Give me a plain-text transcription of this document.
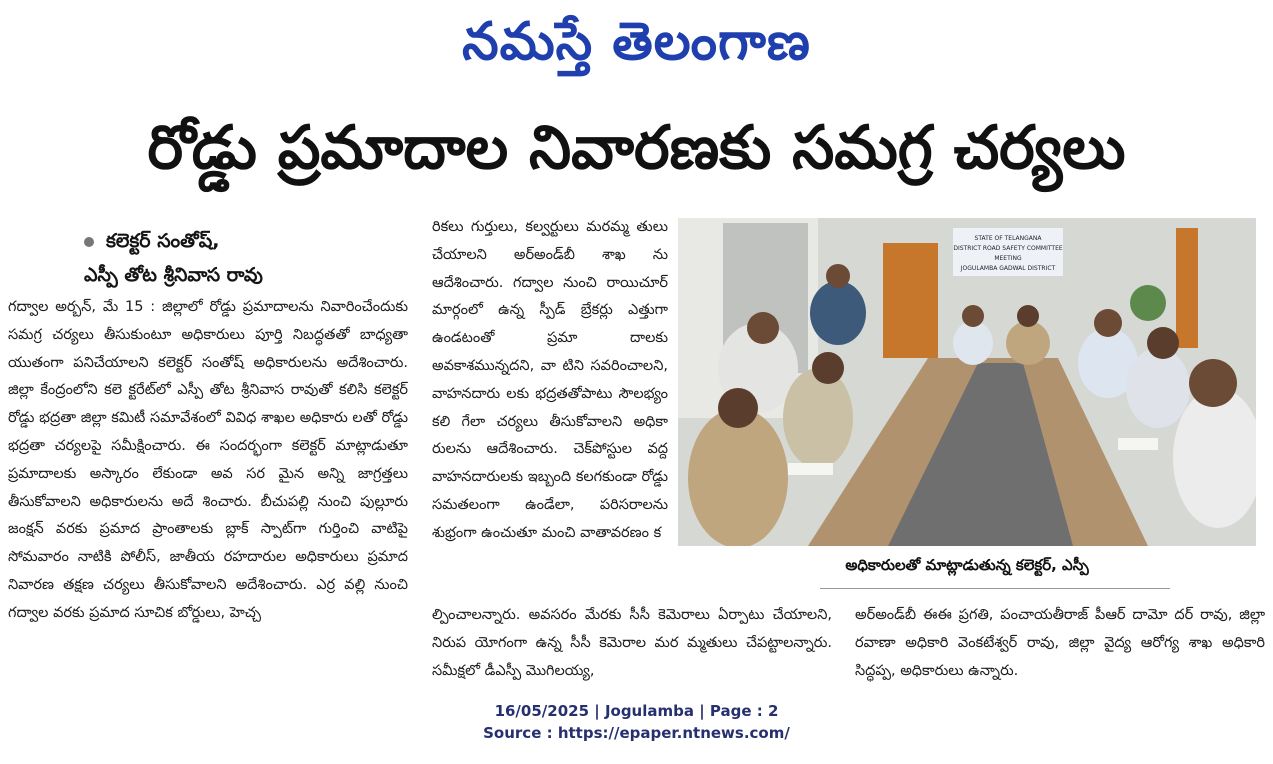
నమస్తే తెలంగాణ
రోడ్డు ప్రమాదాల నివారణకు సమగ్ర చర్యలు
కలెక్టర్ సంతోష్,
ఎస్పీ తోట శ్రీనివాస రావు

గద్వాల అర్బన్, మే 15 : జిల్లాలో రోడ్డు ప్రమాదాలను నివారించేందుకు సమగ్ర చర్యలు తీసుకుంటూ అధికారులు పూర్తి నిబద్ధతతో బాధ్యతా యుతంగా పనిచేయాలని కలెక్టర్ సంతోష్ అధికారులను అదేశించారు. జిల్లా కేంద్రంలోని కలె క్టరేట్‌లో ఎస్పీ తోట శ్రీనివాస రావుతో కలిసి కలెక్టర్ రోడ్డు భద్రతా జిల్లా కమిటీ సమావేశంలో వివిధ శాఖల అధికారు లతో రోడ్డు భద్రతా చర్యలపై సమీక్షించారు. ఈ సందర్భంగా కలెక్టర్ మాట్లాడుతూ ప్రమాదాలకు అస్కారం లేకుండా అవ సర మైన అన్ని జాగ్రత్తలు తీసుకోవాలని అధికారులను అదే శించారు. బీచుపల్లి నుంచి పుల్లూరు జంక్షన్ వరకు ప్రమాద ప్రాంతాలకు బ్లాక్ స్పాట్‌గా గుర్తించి వాటిపై సోమవారం నాటికి పోలీస్, జాతీయ రహదారుల అధికారులు ప్రమాద నివారణ తక్షణ చర్యలు తీసుకోవాలని అదేశించారు. ఎర్ర వల్లి నుంచి గద్వాల వరకు ప్రమాద సూచిక బోర్డులు, హెచ్చ

రికలు గుర్తులు, కల్వర్టులు మరమ్మ తులు చేయాలని అర్‌అండ్‌బీ శాఖ ను ఆదేశించారు. గద్వాల నుంచి రాయిచూర్ మార్గంలో ఉన్న స్పీడ్ బ్రేకర్లు ఎత్తుగా ఉండటంతో ప్రమా దాలకు అవకాశమున్నదని, వా టిని సవరించాలని, వాహనదారు లకు భద్రతతోపాటు సౌలభ్యం కలి గేలా చర్యలు తీసుకోవాలని అధికా రులను ఆదేశించారు. చెక్‌పోస్టుల వద్ద వాహనదారులకు ఇబ్బంది కలగకుండా రోడ్డు సమతలంగా ఉండేలా, పరిసరాలను శుభ్రంగా ఉంచుతూ మంచి వాతావరణం క

STATE OF TELANGANA
DISTRICT ROAD SAFETY COMMITTEE
MEETING
JOGULAMBA GADWAL DISTRICT
అధికారులతో మాట్లాడుతున్న కలెక్టర్, ఎస్పీ

ల్పించాలన్నారు. అవసరం మేరకు సీసీ కెమెరాలు ఏర్పాటు చేయాలని, నిరుప యోగంగా ఉన్న సీసీ కెమెరాల మర మ్మతులు చేపట్టాలన్నారు. సమీక్షలో డీఎస్పీ మొగిలయ్య,

అర్‌అండ్‌బీ ఈఈ ప్రగతి, పంచాయతీరాజ్ పీఆర్ దామో దర్ రావు, జిల్లా రవాణా అధికారి వెంకటేశ్వర్ రావు, జిల్లా వైద్య ఆరోగ్య శాఖ అధికారి సిద్ధప్ప, అధికారులు ఉన్నారు.

16/05/2025 | Jogulamba | Page : 2
Source : https://epaper.ntnews.com/
